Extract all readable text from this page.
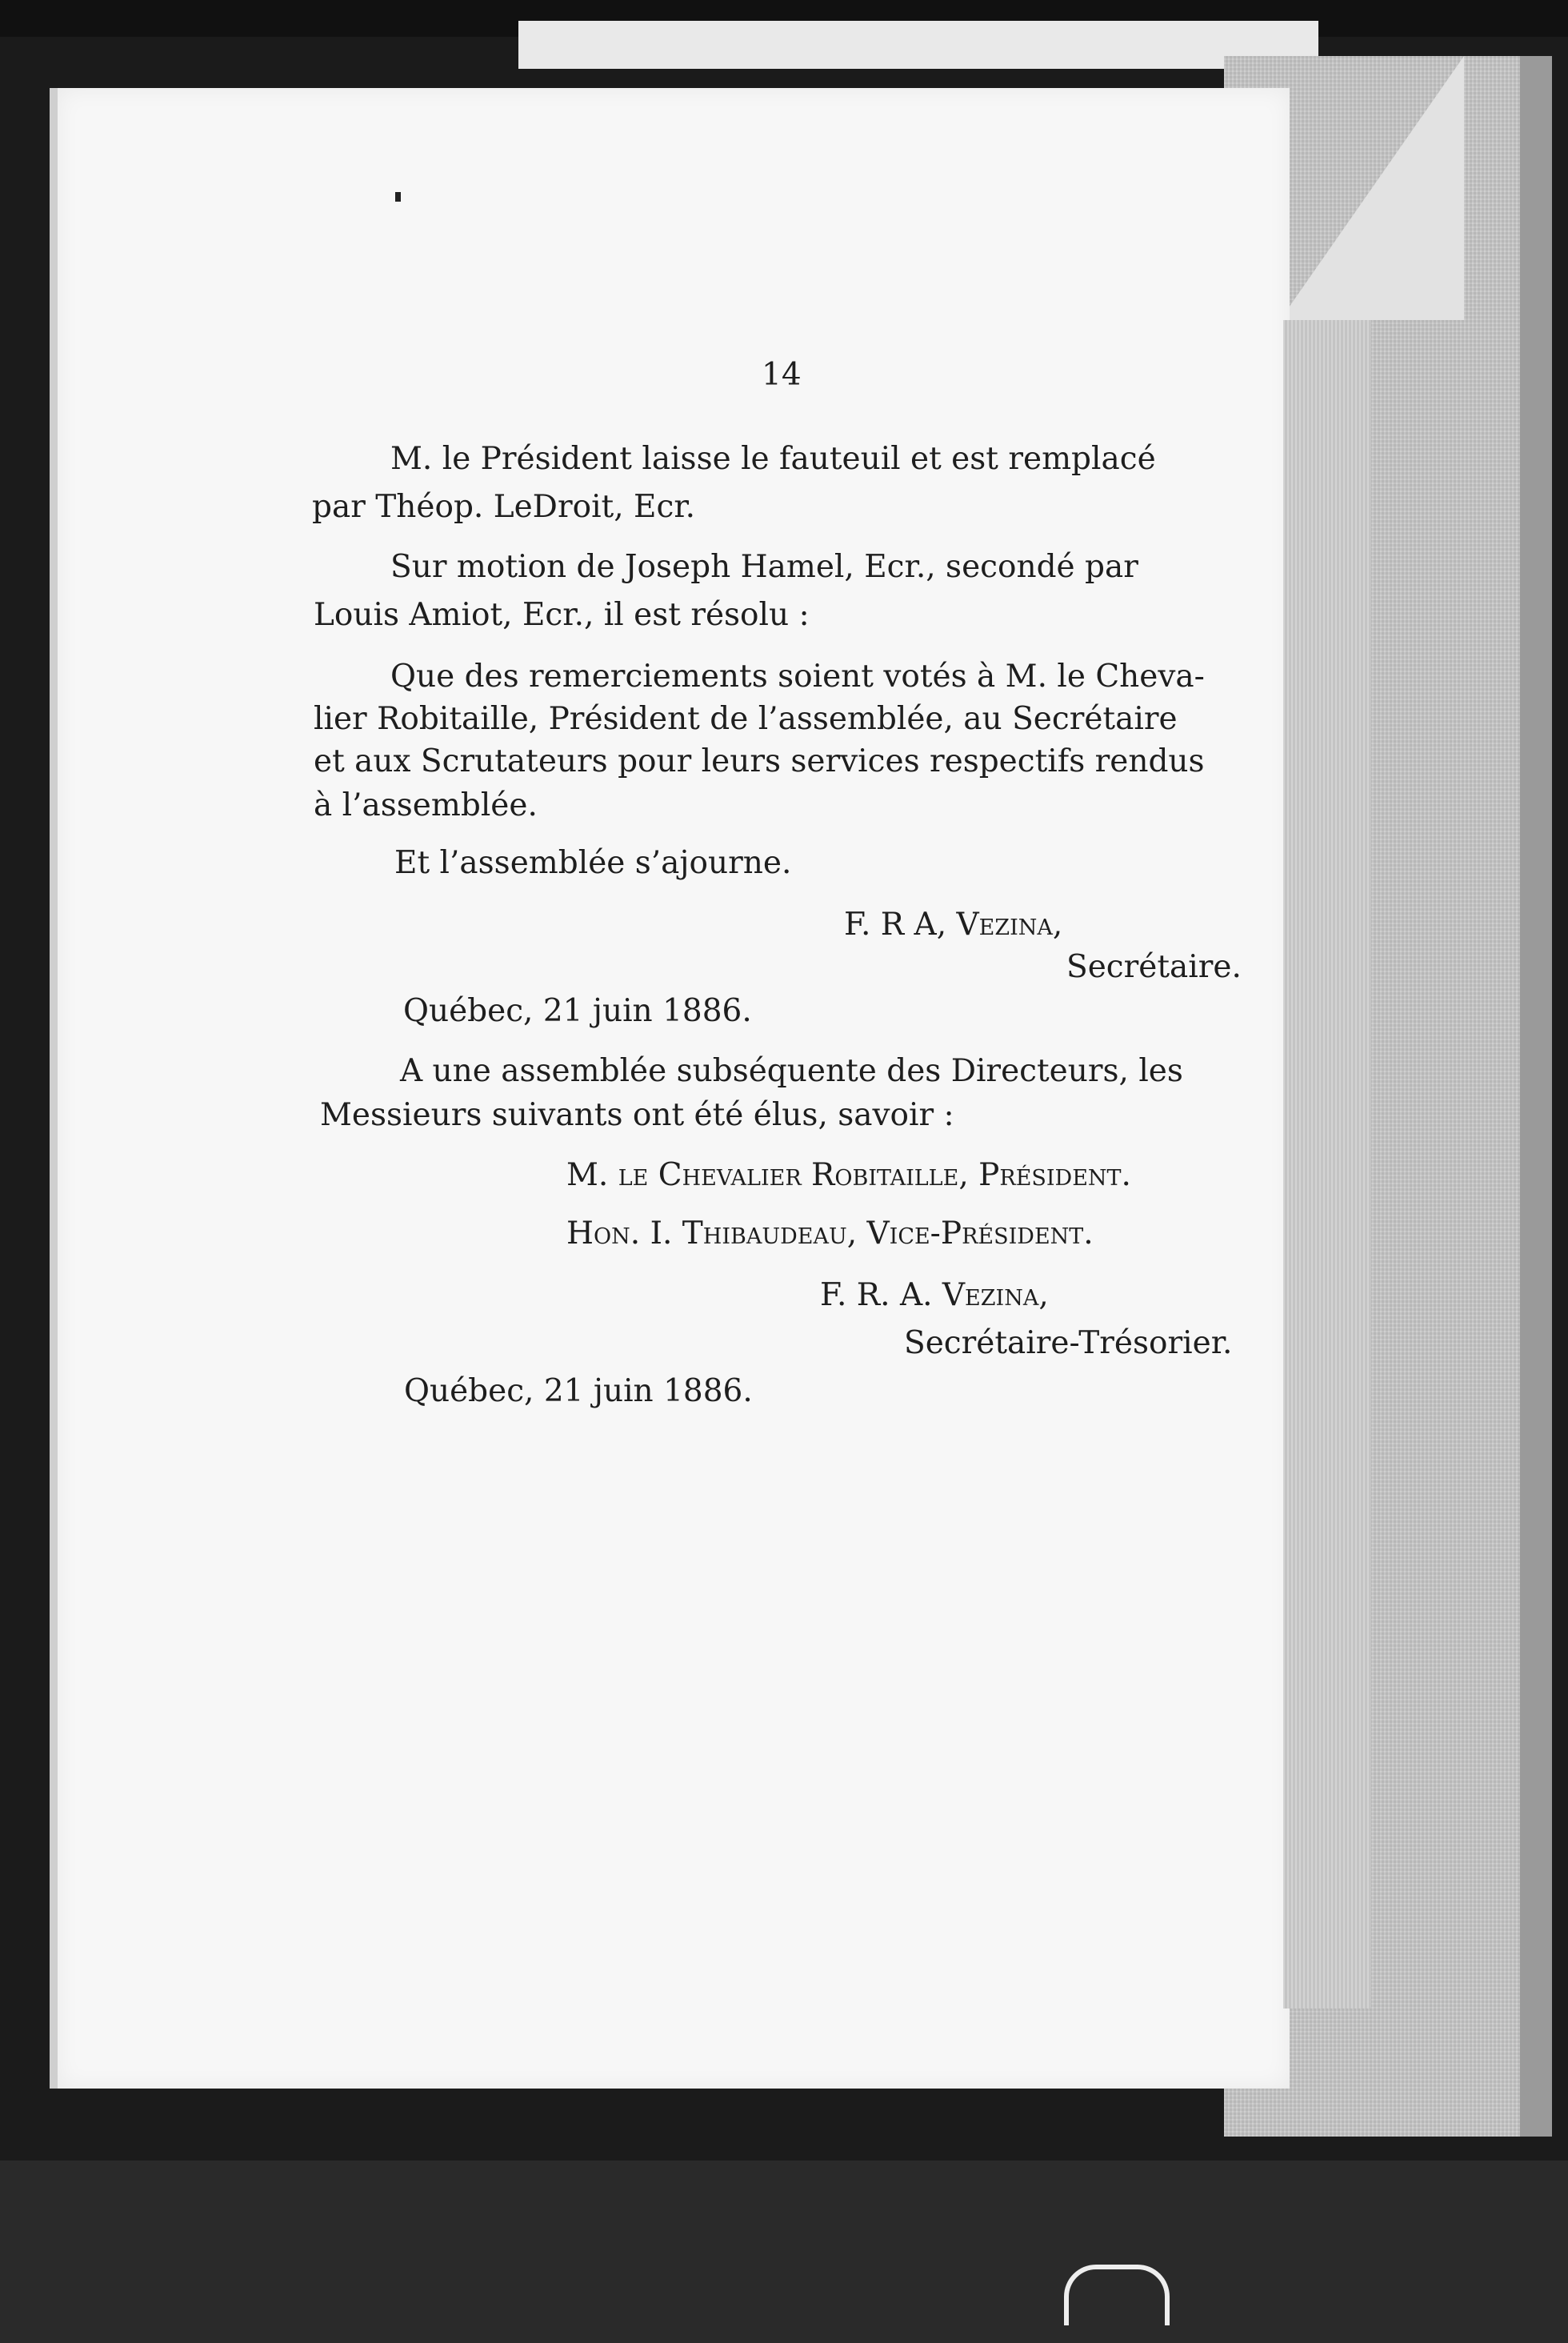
14

M. le Président laisse le fauteuil et est remplacé

par Théop. LeDroit, Ecr.

Sur motion de Joseph Hamel, Ecr., secondé par

Louis Amiot, Ecr., il est résolu :

Que des remerciements soient votés à M. le Cheva-

lier Robitaille, Président de l’assemblée, au Secrétaire

et aux Scrutateurs pour leurs services respectifs rendus

à l’assemblée.

Et l’assemblée s’ajourne.

F. R A, Vezina,

Secrétaire.

Québec, 21 juin 1886.

A une assemblée subséquente des Directeurs, les

Messieurs suivants ont été élus, savoir :

M. le Chevalier Robitaille, Président.

Hon. I. Thibaudeau, Vice-Président.

F. R. A. Vezina,

Secrétaire-Trésorier.

Québec, 21 juin 1886.
